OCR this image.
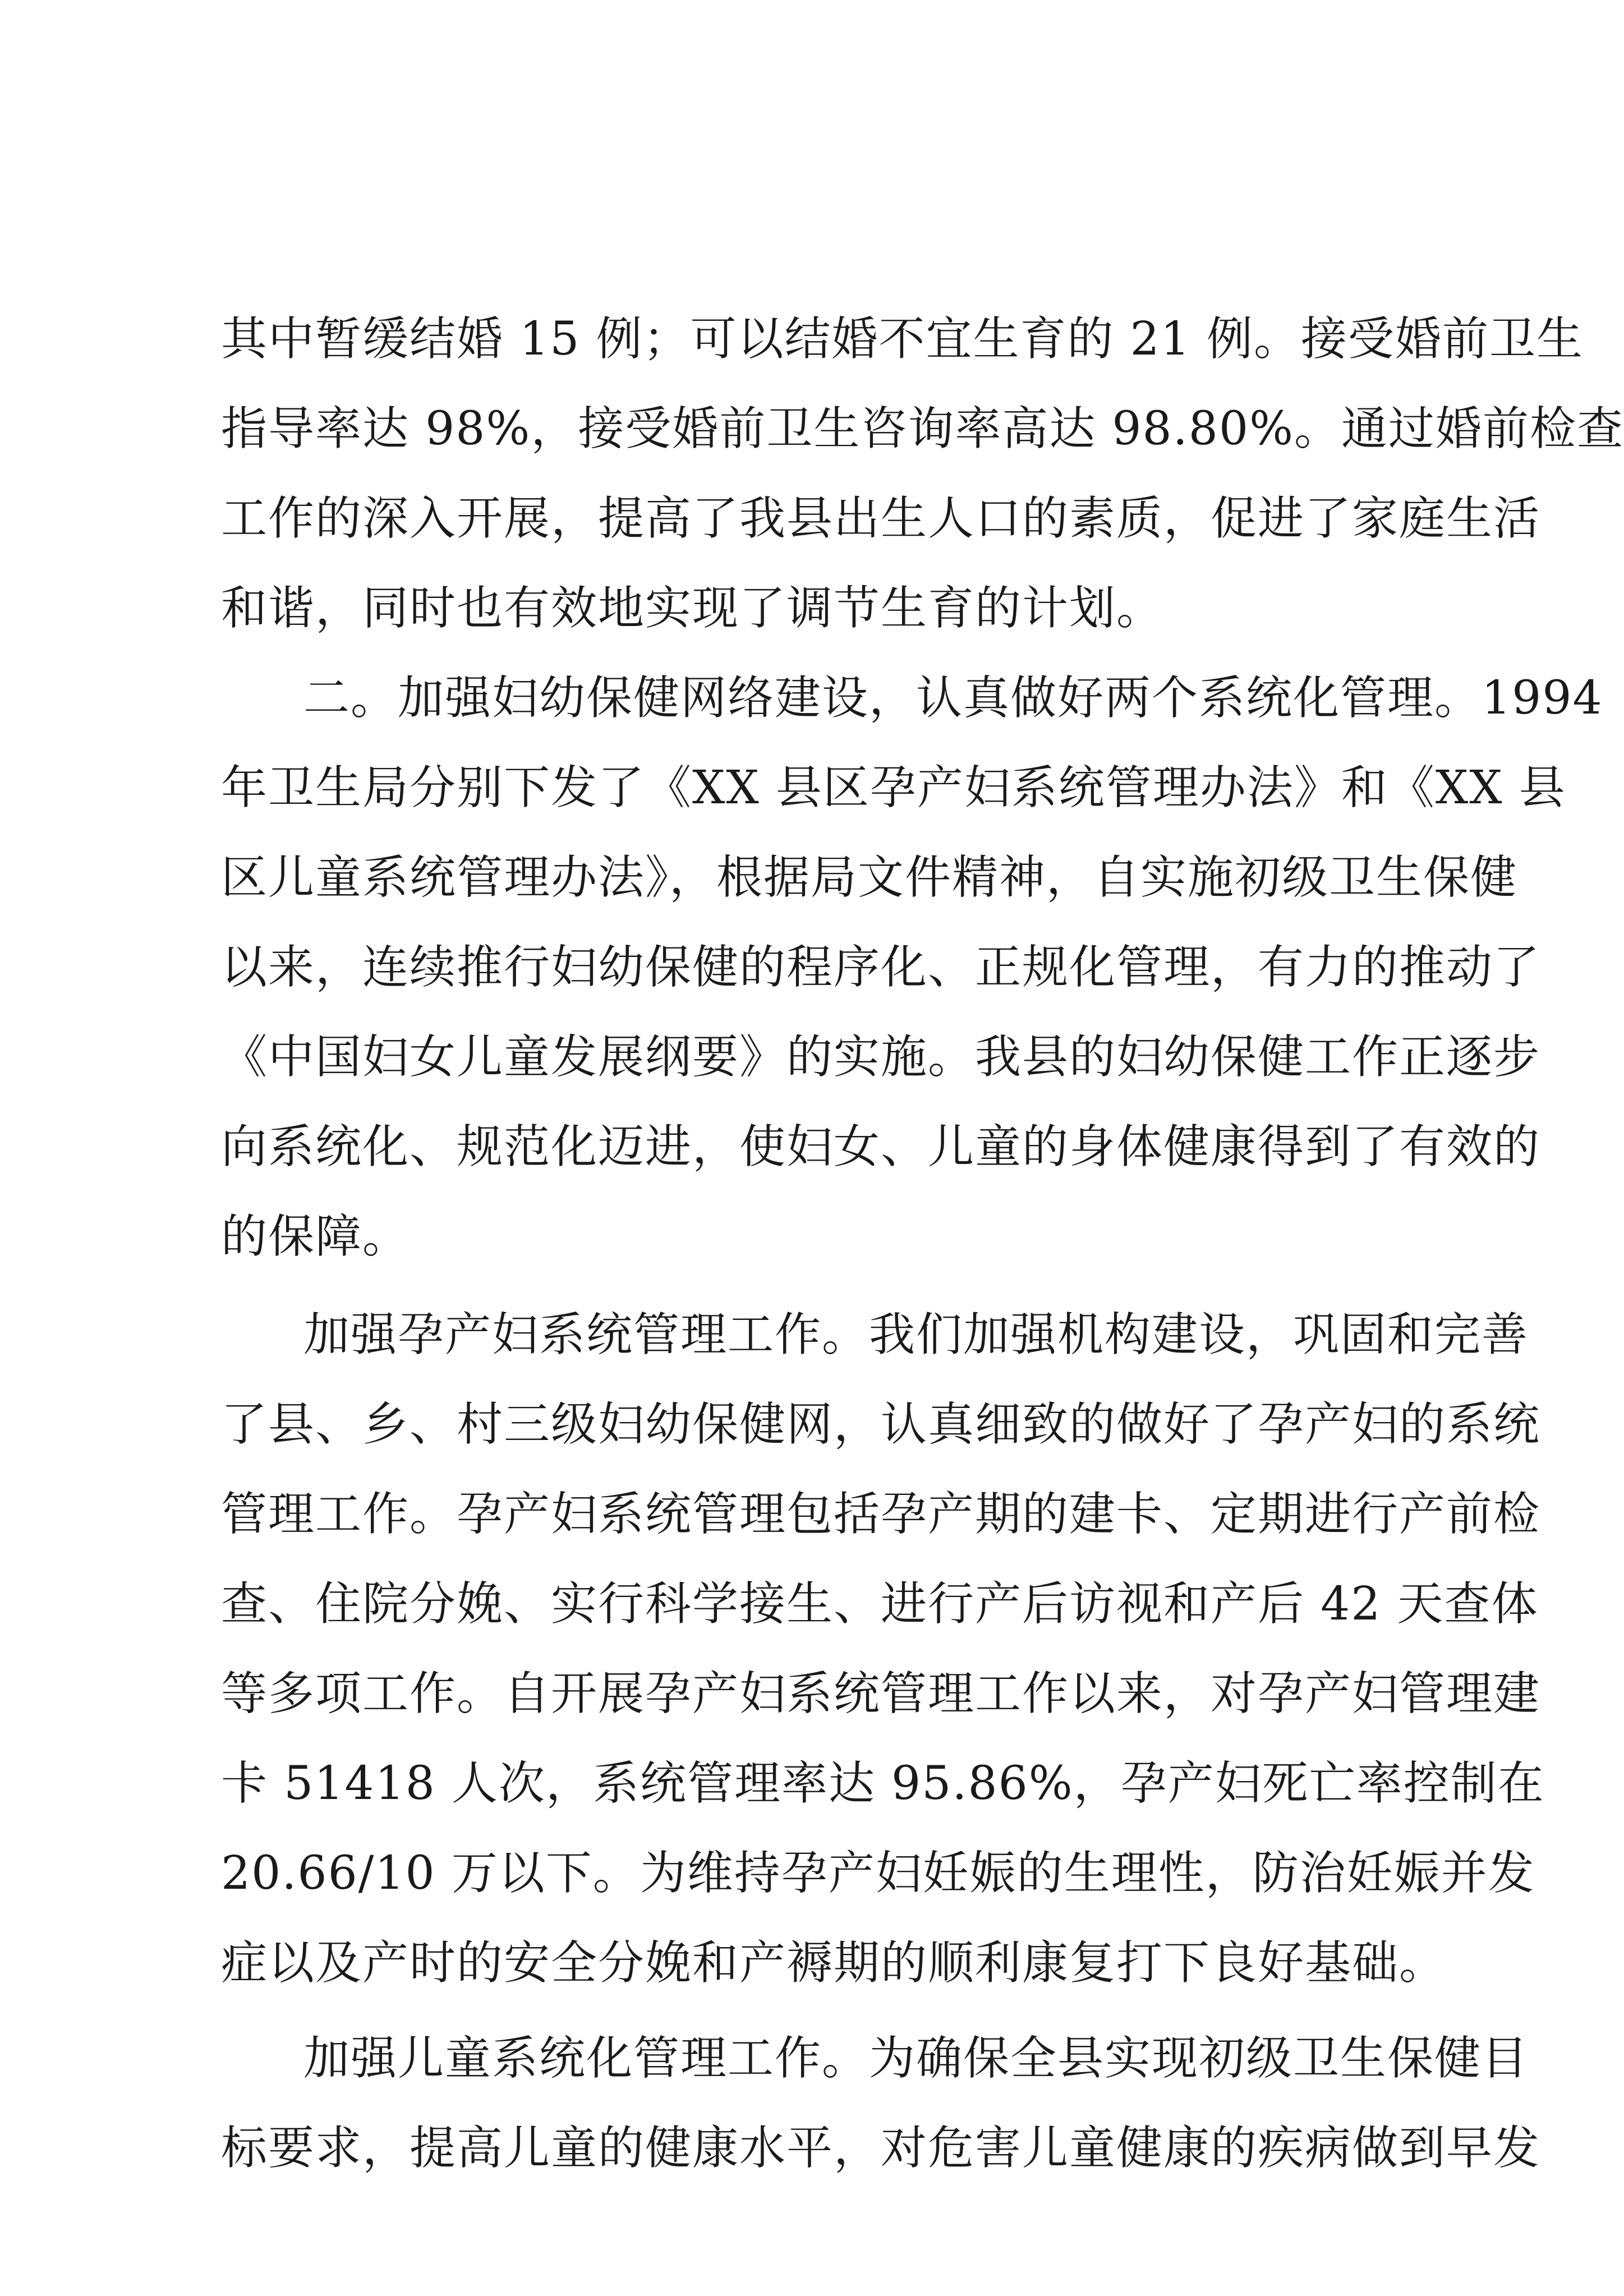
其中暂缓结婚 15 例；可以结婚不宜生育的 21 例。接受婚前卫生
指导率达 98%，接受婚前卫生咨询率高达 98.80%。通过婚前检查
工作的深入开展，提高了我县出生人口的素质，促进了家庭生活
和谐，同时也有效地实现了调节生育的计划。
二。加强妇幼保健网络建设，认真做好两个系统化管理。1994
年卫生局分别下发了《XX 县区孕产妇系统管理办法》和《XX 县
区儿童系统管理办法》，根据局文件精神，自实施初级卫生保健
以来，连续推行妇幼保健的程序化、正规化管理，有力的推动了
《中国妇女儿童发展纲要》的实施。我县的妇幼保健工作正逐步
向系统化、规范化迈进，使妇女、儿童的身体健康得到了有效的
的保障。
加强孕产妇系统管理工作。我们加强机构建设，巩固和完善
了县、乡、村三级妇幼保健网，认真细致的做好了孕产妇的系统
管理工作。孕产妇系统管理包括孕产期的建卡、定期进行产前检
查、住院分娩、实行科学接生、进行产后访视和产后 42 天查体
等多项工作。自开展孕产妇系统管理工作以来，对孕产妇管理建
卡 51418 人次，系统管理率达 95.86%，孕产妇死亡率控制在
20.66/10 万以下。为维持孕产妇妊娠的生理性，防治妊娠并发
症以及产时的安全分娩和产褥期的顺利康复打下良好基础。
加强儿童系统化管理工作。为确保全县实现初级卫生保健目
标要求，提高儿童的健康水平，对危害儿童健康的疾病做到早发
